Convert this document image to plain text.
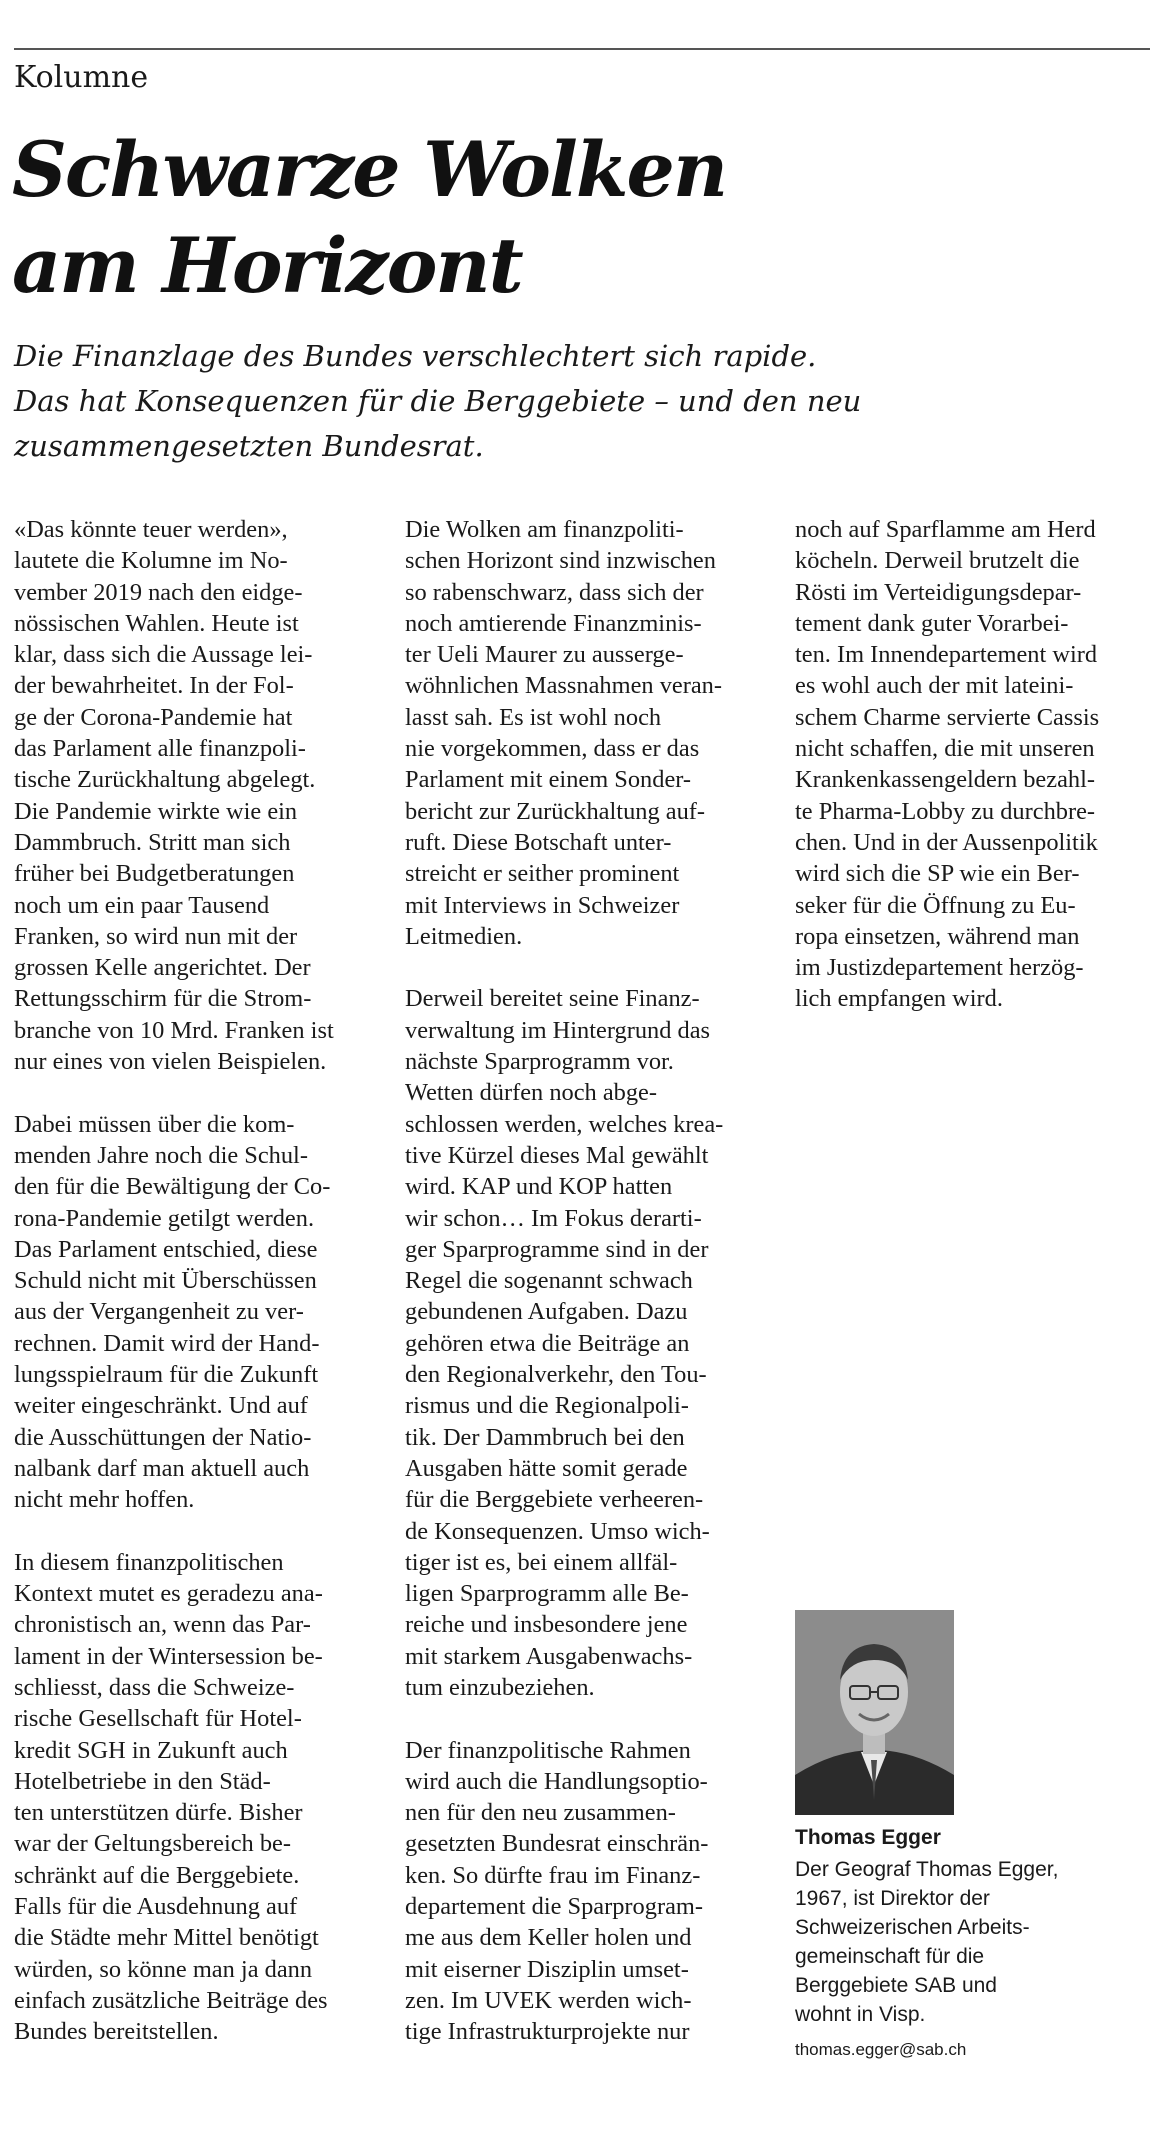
Kolumne
Schwarze Wolken
am Horizont

Die Finanzlage des Bundes verschlechtert sich rapide.
Das hat Konsequenzen für die Berggebiete – und den neu
zusammengesetzten Bundesrat.

«Das könnte teuer werden»,
lautete die Kolumne im No-
vember 2019 nach den eidge-
nössischen Wahlen. Heute ist
klar, dass sich die Aussage lei-
der bewahrheitet. In der Fol-
ge der Corona-Pandemie hat
das Parlament alle finanzpoli-
tische Zurückhaltung abgelegt.
Die Pandemie wirkte wie ein
Dammbruch. Stritt man sich
früher bei Budgetberatungen
noch um ein paar Tausend
Franken, so wird nun mit der
grossen Kelle angerichtet. Der
Rettungsschirm für die Strom-
branche von 10 Mrd. Franken ist
nur eines von vielen Beispielen.

Dabei müssen über die kom-
menden Jahre noch die Schul-
den für die Bewältigung der Co-
rona-Pandemie getilgt werden.
Das Parlament entschied, diese
Schuld nicht mit Überschüssen
aus der Vergangenheit zu ver-
rechnen. Damit wird der Hand-
lungsspielraum für die Zukunft
weiter eingeschränkt. Und auf
die Ausschüttungen der Natio-
nalbank darf man aktuell auch
nicht mehr hoffen.

In diesem finanzpolitischen
Kontext mutet es geradezu ana-
chronistisch an, wenn das Par-
lament in der Wintersession be-
schliesst, dass die Schweize-
rische Gesellschaft für Hotel-
kredit SGH in Zukunft auch
Hotelbetriebe in den Städ-
ten unterstützen dürfe. Bisher
war der Geltungsbereich be-
schränkt auf die Berggebiete.
Falls für die Ausdehnung auf
die Städte mehr Mittel benötigt
würden, so könne man ja dann
einfach zusätzliche Beiträge des
Bundes bereitstellen.

Die Wolken am finanzpoliti-
schen Horizont sind inzwischen
so rabenschwarz, dass sich der
noch amtierende Finanzminis-
ter Ueli Maurer zu ausserge-
wöhnlichen Massnahmen veran-
lasst sah. Es ist wohl noch
nie vorgekommen, dass er das
Parlament mit einem Sonder-
bericht zur Zurückhaltung auf-
ruft. Diese Botschaft unter-
streicht er seither prominent
mit Interviews in Schweizer
Leitmedien.

Derweil bereitet seine Finanz-
verwaltung im Hintergrund das
nächste Sparprogramm vor.
Wetten dürfen noch abge-
schlossen werden, welches krea-
tive Kürzel dieses Mal gewählt
wird. KAP und KOP hatten
wir schon… Im Fokus derarti-
ger Sparprogramme sind in der
Regel die sogenannt schwach
gebundenen Aufgaben. Dazu
gehören etwa die Beiträge an
den Regionalverkehr, den Tou-
rismus und die Regionalpoli-
tik. Der Dammbruch bei den
Ausgaben hätte somit gerade
für die Berggebiete verheeren-
de Konsequenzen. Umso wich-
tiger ist es, bei einem allfäl-
ligen Sparprogramm alle Be-
reiche und insbesondere jene
mit starkem Ausgabenwachs-
tum einzubeziehen.

Der finanzpolitische Rahmen
wird auch die Handlungsoptio-
nen für den neu zusammen-
gesetzten Bundesrat einschrän-
ken. So dürfte frau im Finanz-
departement die Sparprogram-
me aus dem Keller holen und
mit eiserner Disziplin umset-
zen. Im UVEK werden wich-
tige Infrastrukturprojekte nur

noch auf Sparflamme am Herd
köcheln. Derweil brutzelt die
Rösti im Verteidigungsdepar-
tement dank guter Vorarbei-
ten. Im Innendepartement wird
es wohl auch der mit lateini-
schem Charme servierte Cassis
nicht schaffen, die mit unseren
Krankenkassengeldern bezahl-
te Pharma-Lobby zu durchbre-
chen. Und in der Aussenpolitik
wird sich die SP wie ein Ber-
seker für die Öffnung zu Eu-
ropa einsetzen, während man
im Justizdepartement herzög-
lich empfangen wird.

Thomas Egger

Der Geograf Thomas Egger,
1967, ist Direktor der
Schweizerischen Arbeits-
gemeinschaft für die
Berggebiete SAB und
wohnt in Visp.

thomas.egger@sab.ch
